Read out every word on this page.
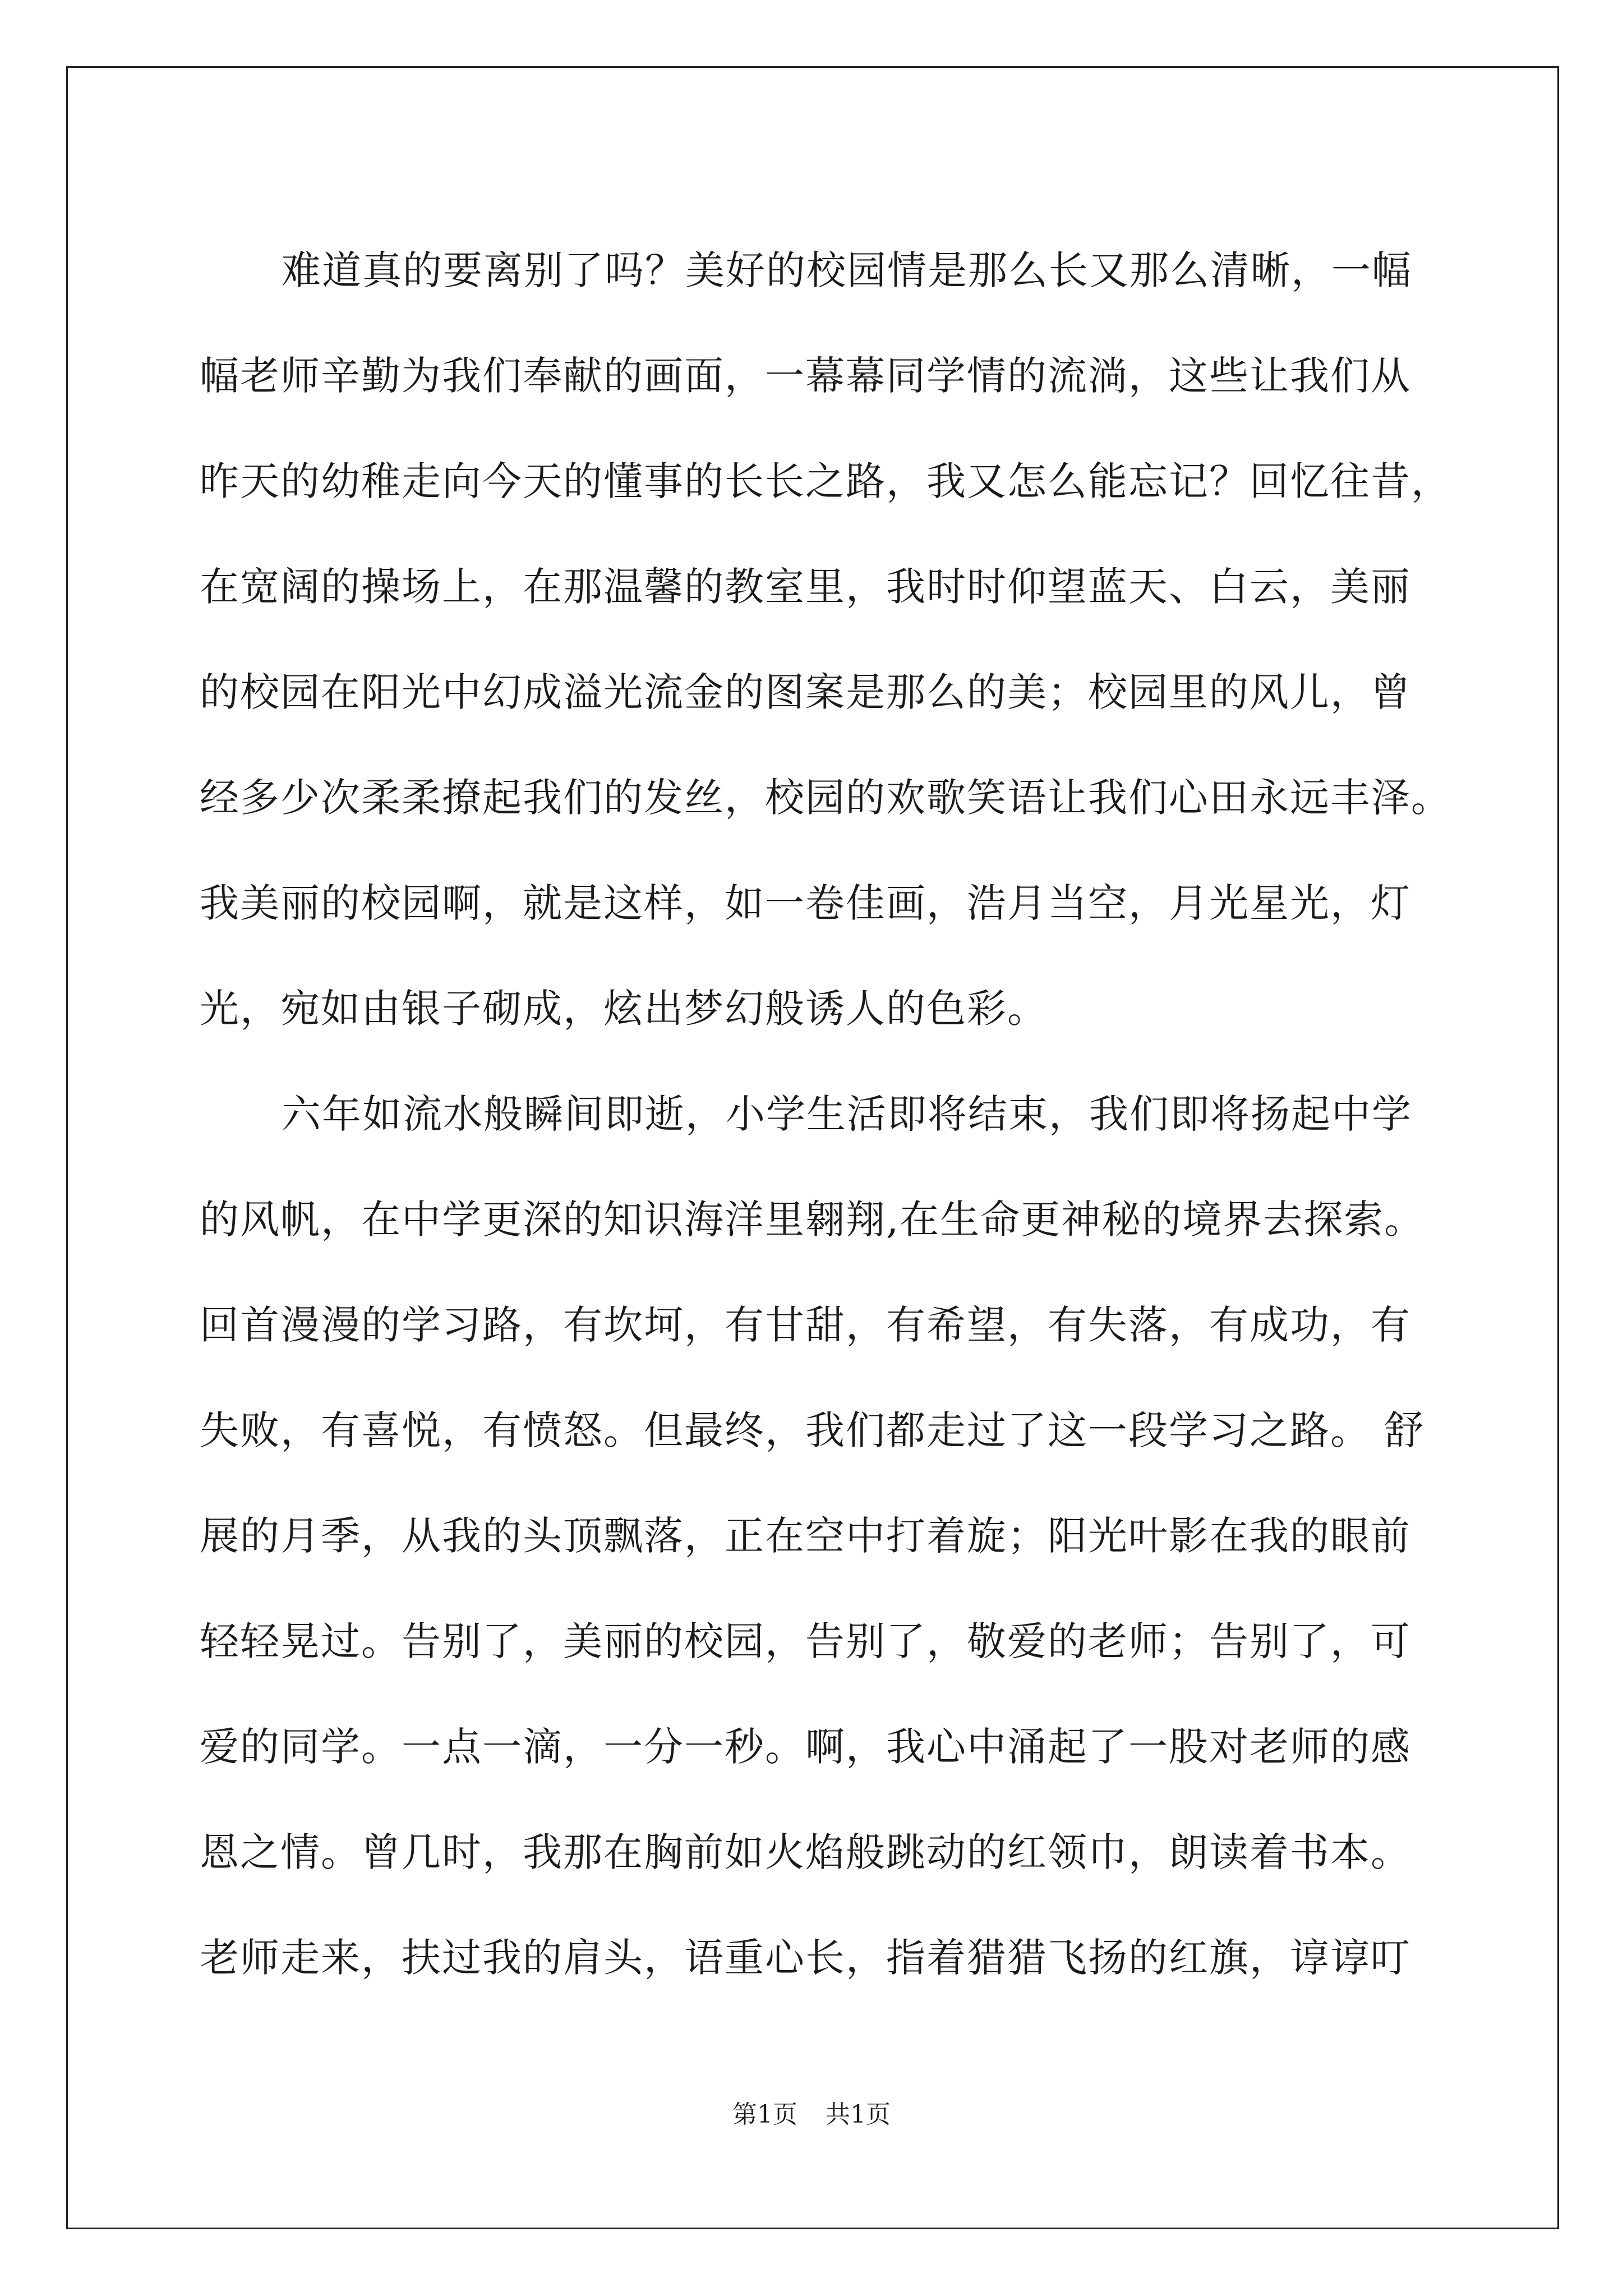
难道真的要离别了吗？美好的校园情是那么长又那么清晰，一幅
幅老师辛勤为我们奉献的画面，一幕幕同学情的流淌，这些让我们从
昨天的幼稚走向今天的懂事的长长之路，我又怎么能忘记？回忆往昔，
在宽阔的操场上，在那温馨的教室里，我时时仰望蓝天、白云，美丽
的校园在阳光中幻成溢光流金的图案是那么的美；校园里的风儿，曾
经多少次柔柔撩起我们的发丝，校园的欢歌笑语让我们心田永远丰泽。
我美丽的校园啊，就是这样，如一卷佳画，浩月当空，月光星光，灯
光，宛如由银子砌成，炫出梦幻般诱人的色彩。
六年如流水般瞬间即逝，小学生活即将结束，我们即将扬起中学
的风帆，在中学更深的知识海洋里翱翔,在生命更神秘的境界去探索。
回首漫漫的学习路，有坎坷，有甘甜，有希望，有失落，有成功，有
失败，有喜悦，有愤怒。但最终，我们都走过了这一段学习之路。 舒
展的月季，从我的头顶飘落，正在空中打着旋；阳光叶影在我的眼前
轻轻晃过。告别了，美丽的校园，告别了，敬爱的老师；告别了，可
爱的同学。一点一滴，一分一秒。啊，我心中涌起了一股对老师的感
恩之情。曾几时，我那在胸前如火焰般跳动的红领巾，朗读着书本。
老师走来，扶过我的肩头，语重心长，指着猎猎飞扬的红旗，谆谆叮
第1页 共1页
